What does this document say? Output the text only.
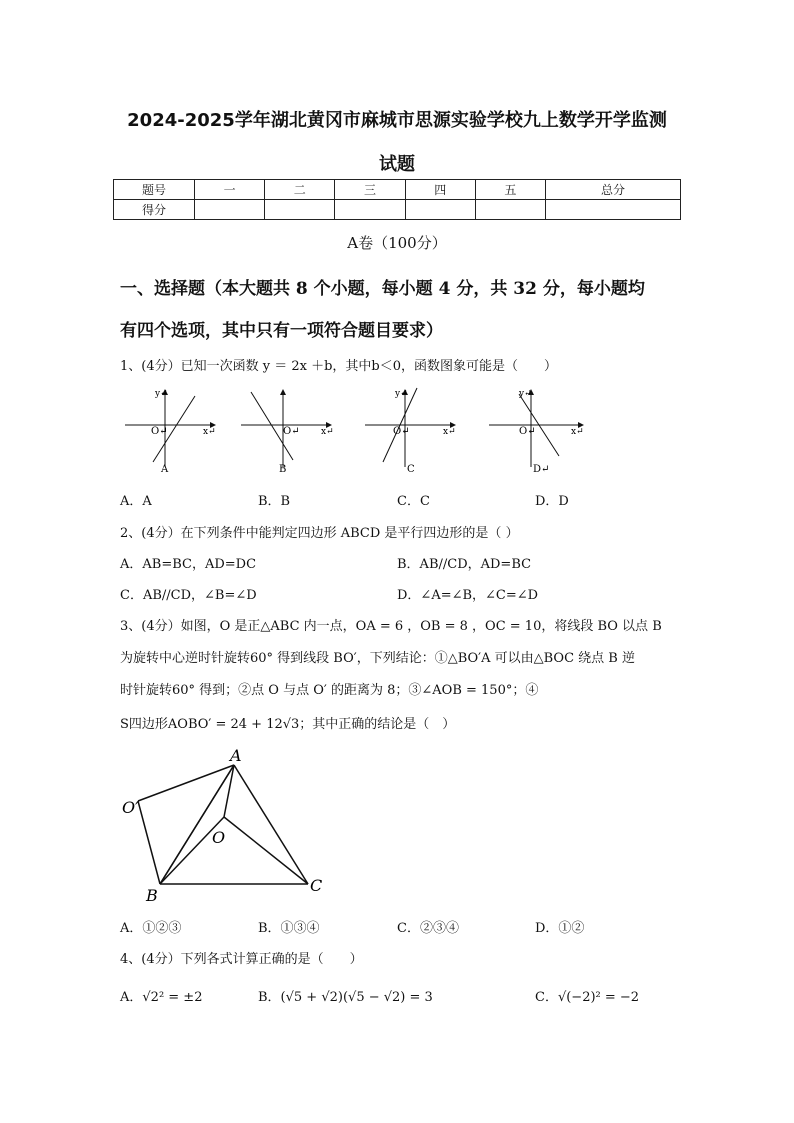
2024-2025学年湖北黄冈市麻城市思源实验学校九上数学开学监测
试题
题号	一	二	三	四	五	总分
得分						
A卷（100分）
一、选择题（本大题共 8 个小题，每小题 4 分，共 32 分，每小题均
有四个选项，其中只有一项符合题目要求）
1、(4分）已知一次函数 y ＝ 2x ＋b，其中b＜0，函数图象可能是（　　）
y↵
x↵
O↵
A
O↵ x↵
B
y↵
O↵	x↵
C
y↵
O↵	x↵
D↵
A．A	B．B	C．C	D．D
2、(4分）在下列条件中能判定四边形 ABCD 是平行四边形的是（ ）
A．AB=BC，AD=DC	B．AB//CD，AD=BC
C．AB//CD，∠B=∠D	D．∠A=∠B，∠C=∠D
3、(4分）如图，O 是正△ABC 内一点，OA = 6 ，OB = 8 ，OC = 10，将线段 BO 以点 B
为旋转中心逆时针旋转60° 得到线段 BO′，下列结论：①△BO′A 可以由△BOC 绕点 B 逆
时针旋转60° 得到；②点 O 与点 O′ 的距离为 8；③∠AOB = 150°；④
S四边形AOBO′ = 24 + 12√3；其中正确的结论是（　）
A
O′
O
B
C
A．①②③	B．①③④	C．②③④	D．①②
4、(4分）下列各式计算正确的是（　　）
A．√2² = ±2	B．(√5 + √2)(√5 − √2) = 3	C．√(−2)² = −2
